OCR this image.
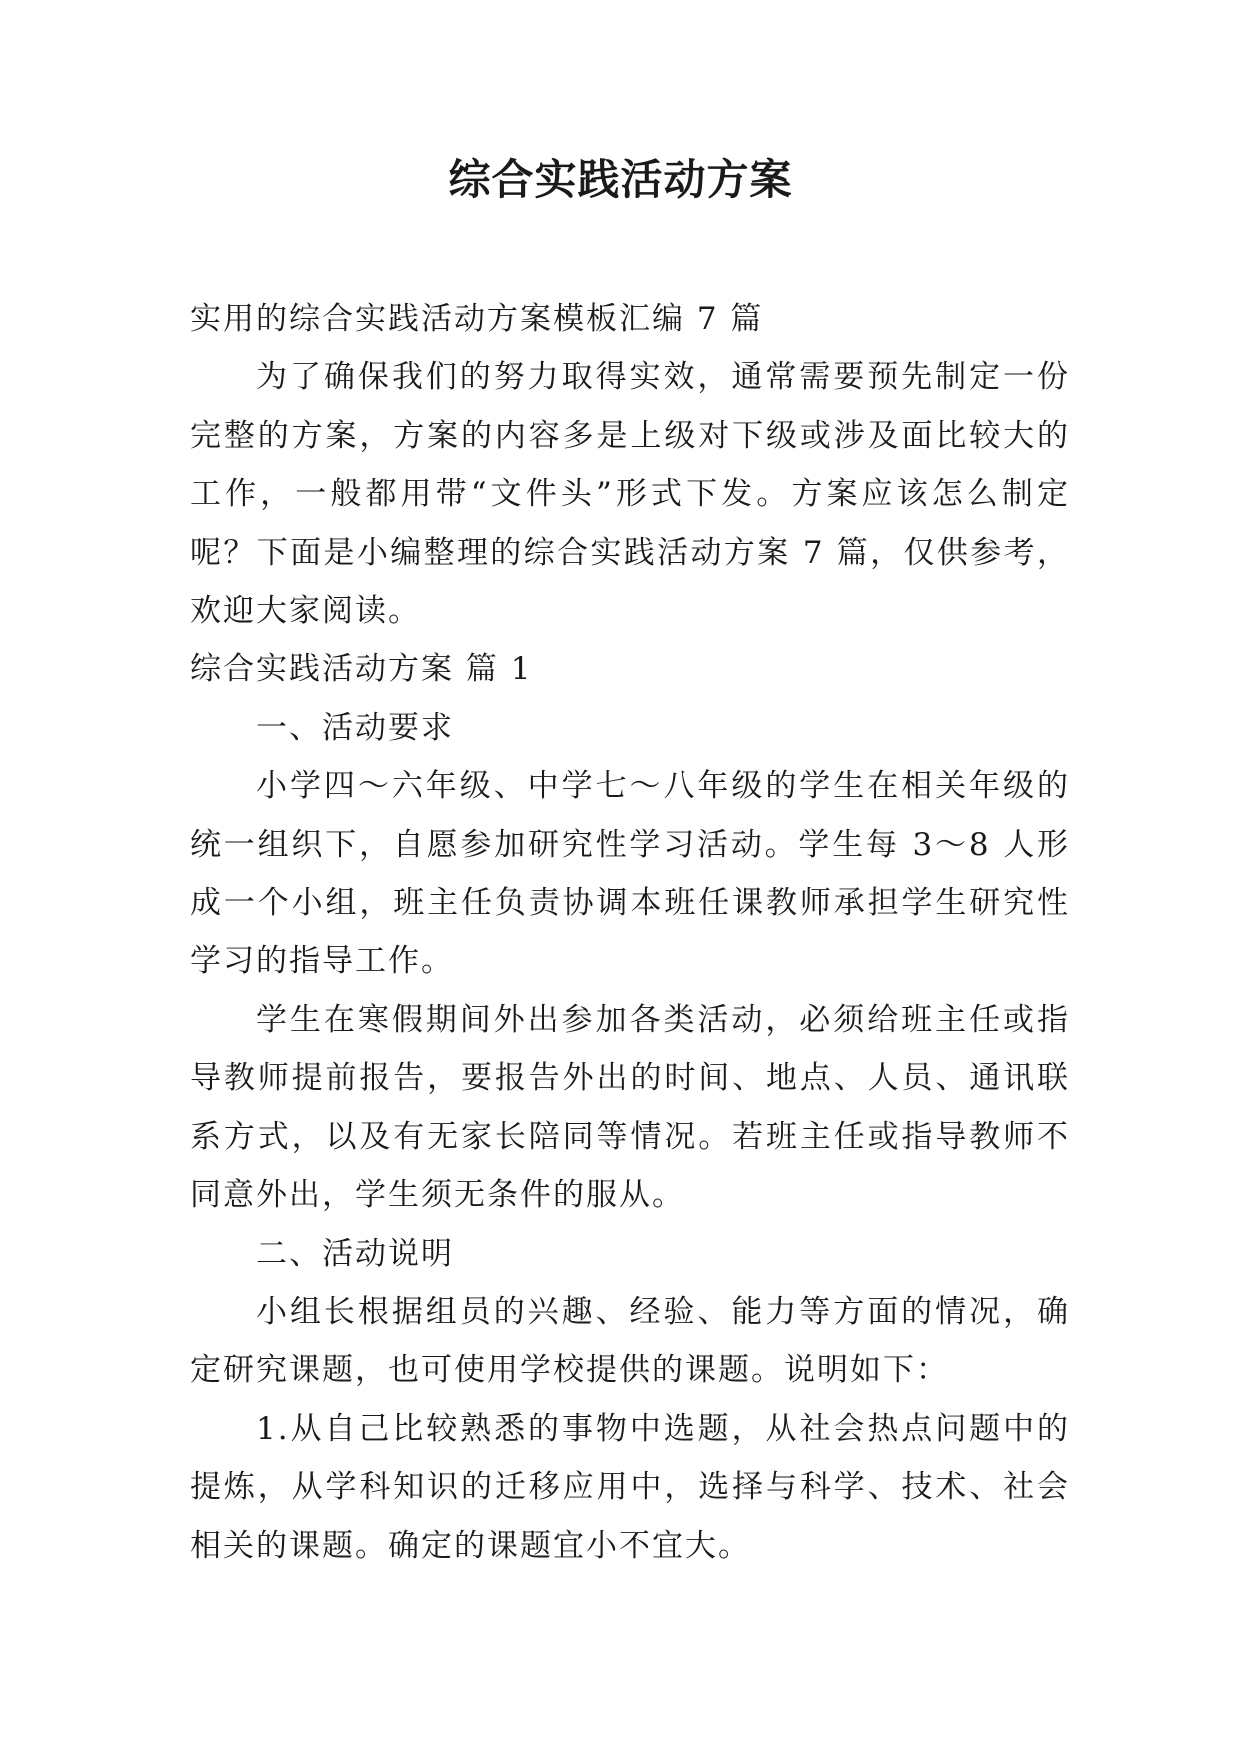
综合实践活动方案

实用的综合实践活动方案模板汇编 7 篇

为了确保我们的努力取得实效，通常需要预先制定一份完整的方案，方案的内容多是上级对下级或涉及面比较大的工作，一般都用带“文件头”形式下发。方案应该怎么制定呢？下面是小编整理的综合实践活动方案 7 篇，仅供参考，欢迎大家阅读。

综合实践活动方案 篇 1

一、活动要求

小学四～六年级、中学七～八年级的学生在相关年级的统一组织下，自愿参加研究性学习活动。学生每 3～8 人形成一个小组，班主任负责协调本班任课教师承担学生研究性学习的指导工作。

学生在寒假期间外出参加各类活动，必须给班主任或指导教师提前报告，要报告外出的时间、地点、人员、通讯联系方式，以及有无家长陪同等情况。若班主任或指导教师不同意外出，学生须无条件的服从。

二、活动说明

小组长根据组员的兴趣、经验、能力等方面的情况，确定研究课题，也可使用学校提供的课题。说明如下：

1.从自己比较熟悉的事物中选题，从社会热点问题中的提炼，从学科知识的迁移应用中，选择与科学、技术、社会相关的课题。确定的课题宜小不宜大。
